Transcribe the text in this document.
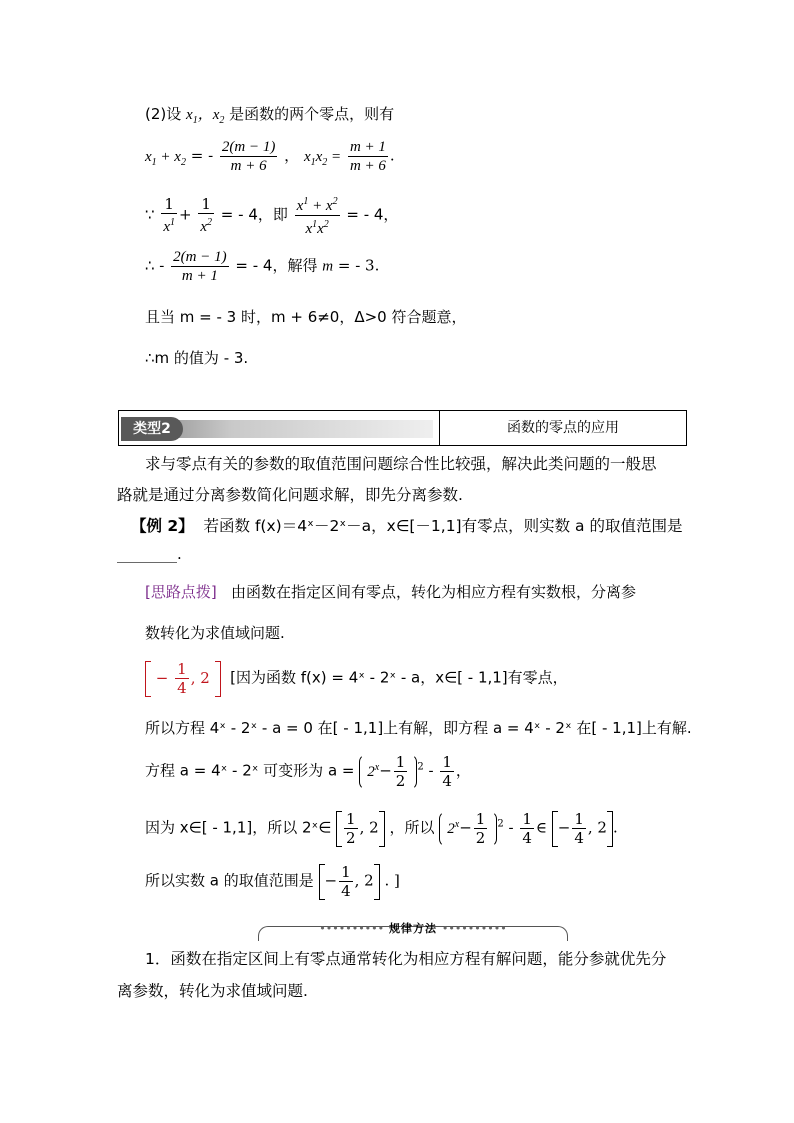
(2)设 $x_1$，$x_2$ 是函数的两个零点，则有
$x_1 + x_2$ = - $\frac{2(m - 1)}{m + 6}$ ， $x_1x_2 = \frac{m + 1}{m + 6}$ .
∵ $\frac{1}{x^1} + \frac{1}{x^2}$ = - 4，即 $\frac{x^1 + x^2}{x^1x^2}$ = - 4，
∴ - $\frac{2(m - 1)}{m + 1}$ = - 4，解得 m = - 3.
且当 m = - 3 时，m + 6≠0，Δ>0 符合题意，
∴m 的值为 - 3.
类型2	函数的零点的应用
求与零点有关的参数的取值范围问题综合性比较强，解决此类问题的一般思
路就是通过分离参数简化问题求解，即先分离参数.
【例 2】 若函数 f(x)＝4ˣ－2ˣ－a，x∈[－1,1]有零点，则实数 a 的取值范围是
________.
[思路点拨] 由函数在指定区间有零点，转化为相应方程有实数根，分离参
数转化为求值域问题.
− $\frac{1}{4}$ , 2 [因为函数 f(x) = 4ˣ - 2ˣ - a，x∈[ - 1,1]有零点，
所以方程 4ˣ - 2ˣ - a = 0 在[ - 1,1]上有解，即方程 a = 4ˣ - 2ˣ 在[ - 1,1]上有解.
方程 a = 4ˣ - 2ˣ 可变形为 $a = 2^x- \frac{1}{2} ^2 - \frac{1}{4}$ ，
因为 x∈[ - 1,1]，所以 2ˣ∈ $\frac{1}{2}$ , 2 ，所以 $2^x- \frac{1}{2} ^2 - \frac{1}{4}$ ∈ − $\frac{1}{4}$ , 2 .
所以实数 a 的取值范围是 − $\frac{1}{4}$ , 2 . ]
•••••••••• 规律方法 ••••••••••
1．函数在指定区间上有零点通常转化为相应方程有解问题，能分参就优先分
离参数，转化为求值域问题.
